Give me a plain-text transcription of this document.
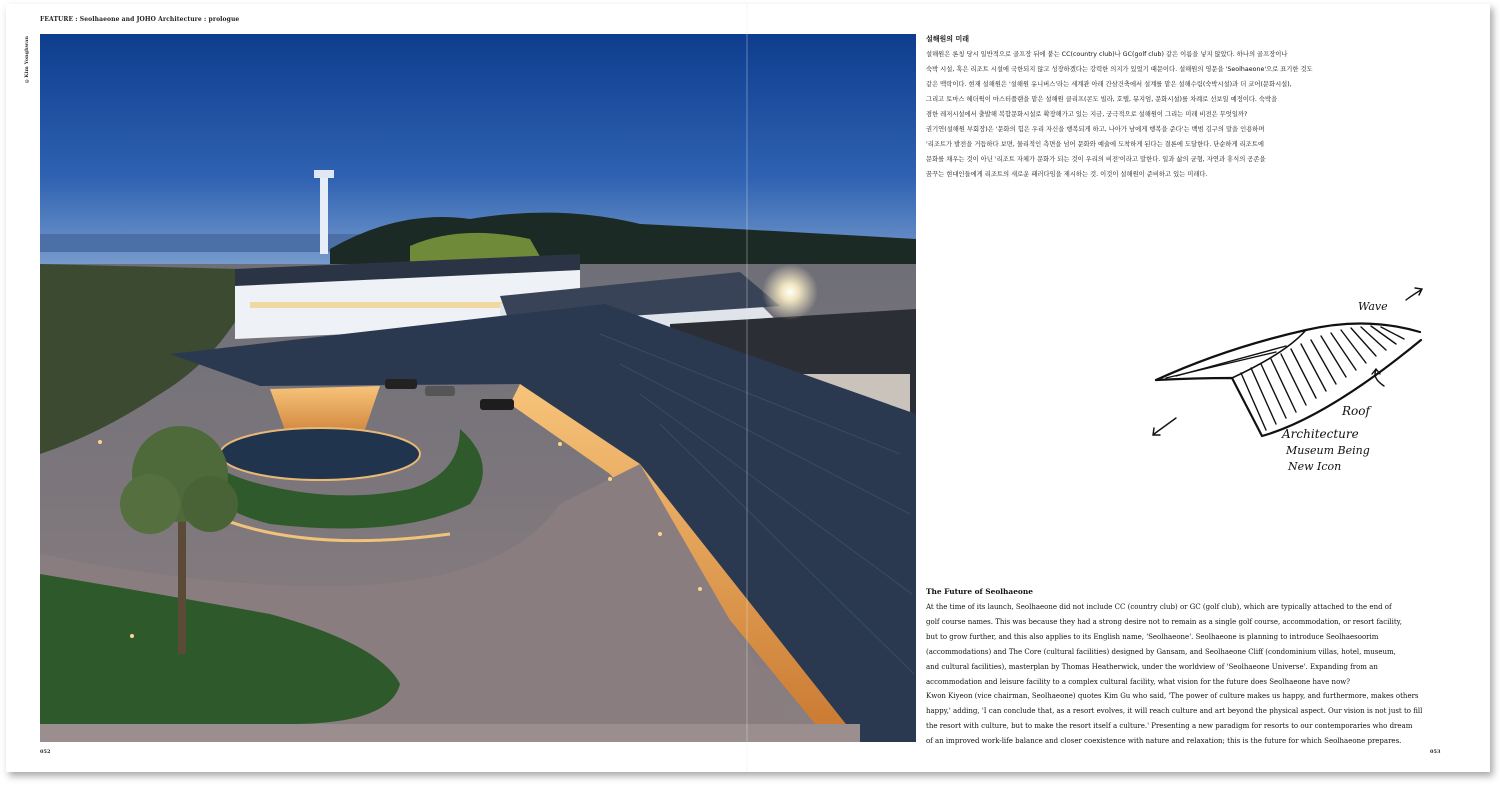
FEATURE : Seolhaeone and JOHO Architecture : prologue
©Kim Yonghwan
052	053
설해원의 미래
설해원은 론칭 당시 일반적으로 골프장 뒤에 붙는 CC(country club)나 GC(golf club) 같은 이름을 넣지 않았다. 하나의 골프장이나
숙박 시설, 혹은 리조트 시설에 국한되지 않고 성장하겠다는 강력한 의지가 있었기 때문이다. 설해원의 영문을 'Seolhaeone'으로 표기한 것도
같은 맥락이다. 현재 설해원은 '설해원 유니버스'라는 세계관 아래 간삼건축에서 설계를 맡은 설해수림(숙박시설)과 더 코어(문화시설),
그리고 토마스 헤더윅이 마스터플랜을 맡은 설해원 클리프(콘도 빌라, 호텔, 뮤지엄, 문화시설)를 차례로 선보일 예정이다. 숙박을
겸한 레저시설에서 출발해 복합문화시설로 확장해가고 있는 지금, 궁극적으로 설해원이 그리는 미래 비전은 무엇일까?
권기연(설해원 부회장)은 '문화의 힘은 우리 자신을 행복되게 하고, 나아가 남에게 행복을 준다'는 백범 김구의 말을 인용하며
'리조트가 발전을 거듭하다 보면, 물리적인 측면을 넘어 문화와 예술에 도착하게 된다는 결론에 도달한다. 단순하게 리조트에
문화를 채우는 것이 아닌 '리조트 자체가 문화가 되는 것이 우리의 비전'이라고 말한다. 일과 삶의 균형, 자연과 휴식의 공존을
꿈꾸는 현대인들에게 리조트의 새로운 패러다임을 제시하는 것. 이것이 설해원이 준비하고 있는 미래다.
Wave
Roof
Architecture
Museum Being
New Icon
The Future of Seolhaeone
At the time of its launch, Seolhaeone did not include CC (country club) or GC (golf club), which are typically attached to the end of
golf course names. This was because they had a strong desire not to remain as a single golf course, accommodation, or resort facility,
but to grow further, and this also applies to its English name, 'Seolhaeone'. Seolhaeone is planning to introduce Seolhaesoorim
(accommodations) and The Core (cultural facilities) designed by Gansam, and Seolhaeone Cliff (condominium villas, hotel, museum,
and cultural facilities), masterplan by Thomas Heatherwick, under the worldview of 'Seolhaeone Universe'. Expanding from an
accommodation and leisure facility to a complex cultural facility, what vision for the future does Seolhaeone have now?
Kwon Kiyeon (vice chairman, Seolhaeone) quotes Kim Gu who said, 'The power of culture makes us happy, and furthermore, makes others
happy,' adding, 'I can conclude that, as a resort evolves, it will reach culture and art beyond the physical aspect. Our vision is not just to fill
the resort with culture, but to make the resort itself a culture.' Presenting a new paradigm for resorts to our contemporaries who dream
of an improved work-life balance and closer coexistence with nature and relaxation; this is the future for which Seolhaeone prepares.
